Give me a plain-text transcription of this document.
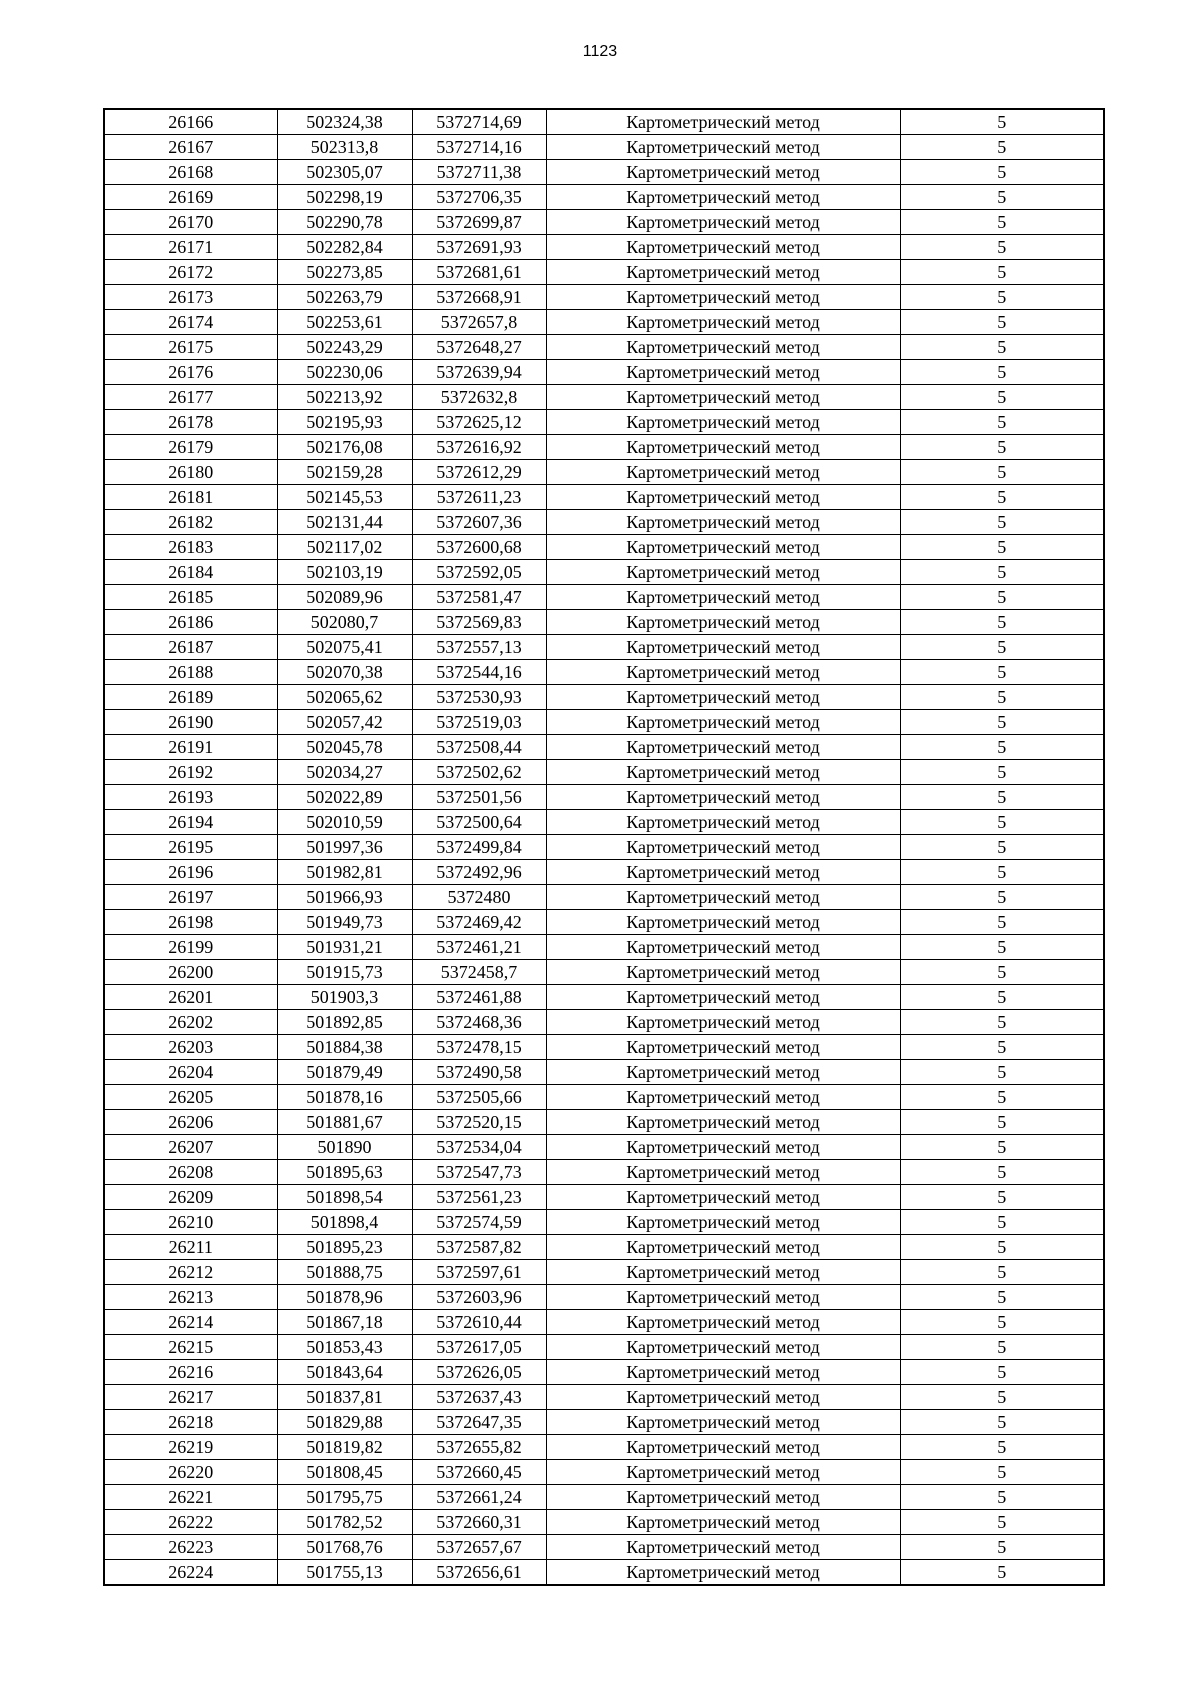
1123
26166	502324,38	5372714,69	Картометрический метод	5
26167	502313,8	5372714,16	Картометрический метод	5
26168	502305,07	5372711,38	Картометрический метод	5
26169	502298,19	5372706,35	Картометрический метод	5
26170	502290,78	5372699,87	Картометрический метод	5
26171	502282,84	5372691,93	Картометрический метод	5
26172	502273,85	5372681,61	Картометрический метод	5
26173	502263,79	5372668,91	Картометрический метод	5
26174	502253,61	5372657,8	Картометрический метод	5
26175	502243,29	5372648,27	Картометрический метод	5
26176	502230,06	5372639,94	Картометрический метод	5
26177	502213,92	5372632,8	Картометрический метод	5
26178	502195,93	5372625,12	Картометрический метод	5
26179	502176,08	5372616,92	Картометрический метод	5
26180	502159,28	5372612,29	Картометрический метод	5
26181	502145,53	5372611,23	Картометрический метод	5
26182	502131,44	5372607,36	Картометрический метод	5
26183	502117,02	5372600,68	Картометрический метод	5
26184	502103,19	5372592,05	Картометрический метод	5
26185	502089,96	5372581,47	Картометрический метод	5
26186	502080,7	5372569,83	Картометрический метод	5
26187	502075,41	5372557,13	Картометрический метод	5
26188	502070,38	5372544,16	Картометрический метод	5
26189	502065,62	5372530,93	Картометрический метод	5
26190	502057,42	5372519,03	Картометрический метод	5
26191	502045,78	5372508,44	Картометрический метод	5
26192	502034,27	5372502,62	Картометрический метод	5
26193	502022,89	5372501,56	Картометрический метод	5
26194	502010,59	5372500,64	Картометрический метод	5
26195	501997,36	5372499,84	Картометрический метод	5
26196	501982,81	5372492,96	Картометрический метод	5
26197	501966,93	5372480	Картометрический метод	5
26198	501949,73	5372469,42	Картометрический метод	5
26199	501931,21	5372461,21	Картометрический метод	5
26200	501915,73	5372458,7	Картометрический метод	5
26201	501903,3	5372461,88	Картометрический метод	5
26202	501892,85	5372468,36	Картометрический метод	5
26203	501884,38	5372478,15	Картометрический метод	5
26204	501879,49	5372490,58	Картометрический метод	5
26205	501878,16	5372505,66	Картометрический метод	5
26206	501881,67	5372520,15	Картометрический метод	5
26207	501890	5372534,04	Картометрический метод	5
26208	501895,63	5372547,73	Картометрический метод	5
26209	501898,54	5372561,23	Картометрический метод	5
26210	501898,4	5372574,59	Картометрический метод	5
26211	501895,23	5372587,82	Картометрический метод	5
26212	501888,75	5372597,61	Картометрический метод	5
26213	501878,96	5372603,96	Картометрический метод	5
26214	501867,18	5372610,44	Картометрический метод	5
26215	501853,43	5372617,05	Картометрический метод	5
26216	501843,64	5372626,05	Картометрический метод	5
26217	501837,81	5372637,43	Картометрический метод	5
26218	501829,88	5372647,35	Картометрический метод	5
26219	501819,82	5372655,82	Картометрический метод	5
26220	501808,45	5372660,45	Картометрический метод	5
26221	501795,75	5372661,24	Картометрический метод	5
26222	501782,52	5372660,31	Картометрический метод	5
26223	501768,76	5372657,67	Картометрический метод	5
26224	501755,13	5372656,61	Картометрический метод	5
